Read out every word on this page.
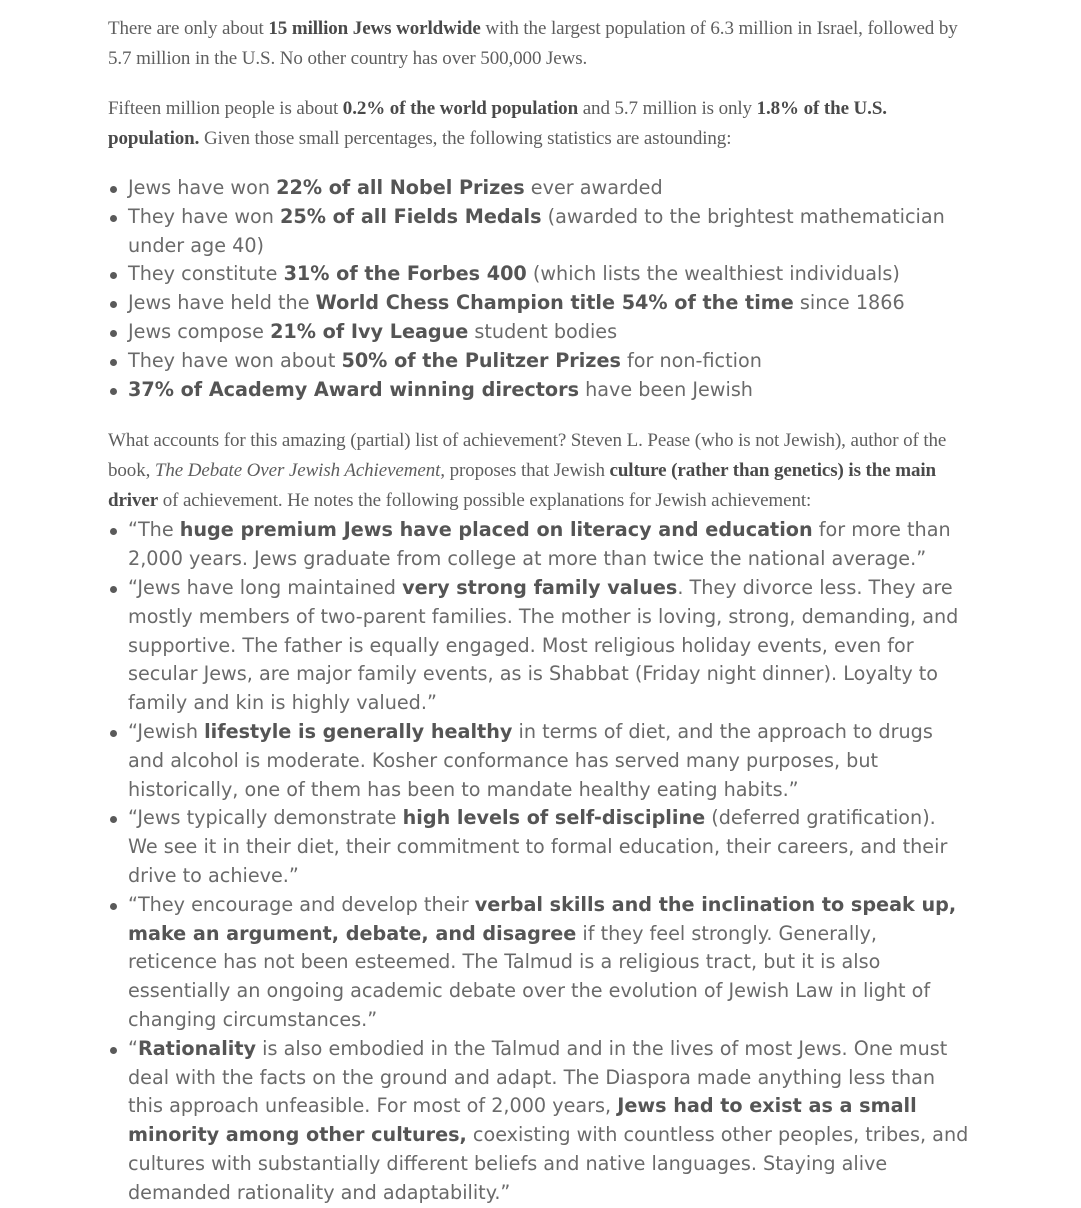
There are only about 15 million Jews worldwide with the largest population of 6.3 million in Israel, followed by 5.7 million in the U.S. No other country has over 500,000 Jews.

Fifteen million people is about 0.2% of the world population and 5.7 million is only 1.8% of the U.S. population. Given those small percentages, the following statistics are astounding:

Jews have won 22% of all Nobel Prizes ever awarded
They have won 25% of all Fields Medals (awarded to the brightest mathematician under age 40)
They constitute 31% of the Forbes 400 (which lists the wealthiest individuals)
Jews have held the World Chess Champion title 54% of the time since 1866
Jews compose 21% of Ivy League student bodies
They have won about 50% of the Pulitzer Prizes for non-fiction
37% of Academy Award winning directors have been Jewish

What accounts for this amazing (partial) list of achievement? Steven L. Pease (who is not Jewish), author of the book, The Debate Over Jewish Achievement, proposes that Jewish culture (rather than genetics) is the main driver of achievement. He notes the following possible explanations for Jewish achievement:

“The huge premium Jews have placed on literacy and education for more than 2,000 years. Jews graduate from college at more than twice the national average.”
“Jews have long maintained very strong family values. They divorce less. They are mostly members of two-parent families. The mother is loving, strong, demanding, and supportive. The father is equally engaged. Most religious holiday events, even for secular Jews, are major family events, as is Shabbat (Friday night dinner). Loyalty to family and kin is highly valued.”
“Jewish lifestyle is generally healthy in terms of diet, and the approach to drugs and alcohol is moderate. Kosher conformance has served many purposes, but historically, one of them has been to mandate healthy eating habits.”
“Jews typically demonstrate high levels of self-discipline (deferred gratification). We see it in their diet, their commitment to formal education, their careers, and their drive to achieve.”
“They encourage and develop their verbal skills and the inclination to speak up, make an argument, debate, and disagree if they feel strongly. Generally, reticence has not been esteemed. The Talmud is a religious tract, but it is also essentially an ongoing academic debate over the evolution of Jewish Law in light of changing circumstances.”
“Rationality is also embodied in the Talmud and in the lives of most Jews. One must deal with the facts on the ground and adapt. The Diaspora made anything less than this approach unfeasible. For most of 2,000 years, Jews had to exist as a small minority among other cultures, coexisting with countless other peoples, tribes, and cultures with substantially different beliefs and native languages. Staying alive demanded rationality and adaptability.”
